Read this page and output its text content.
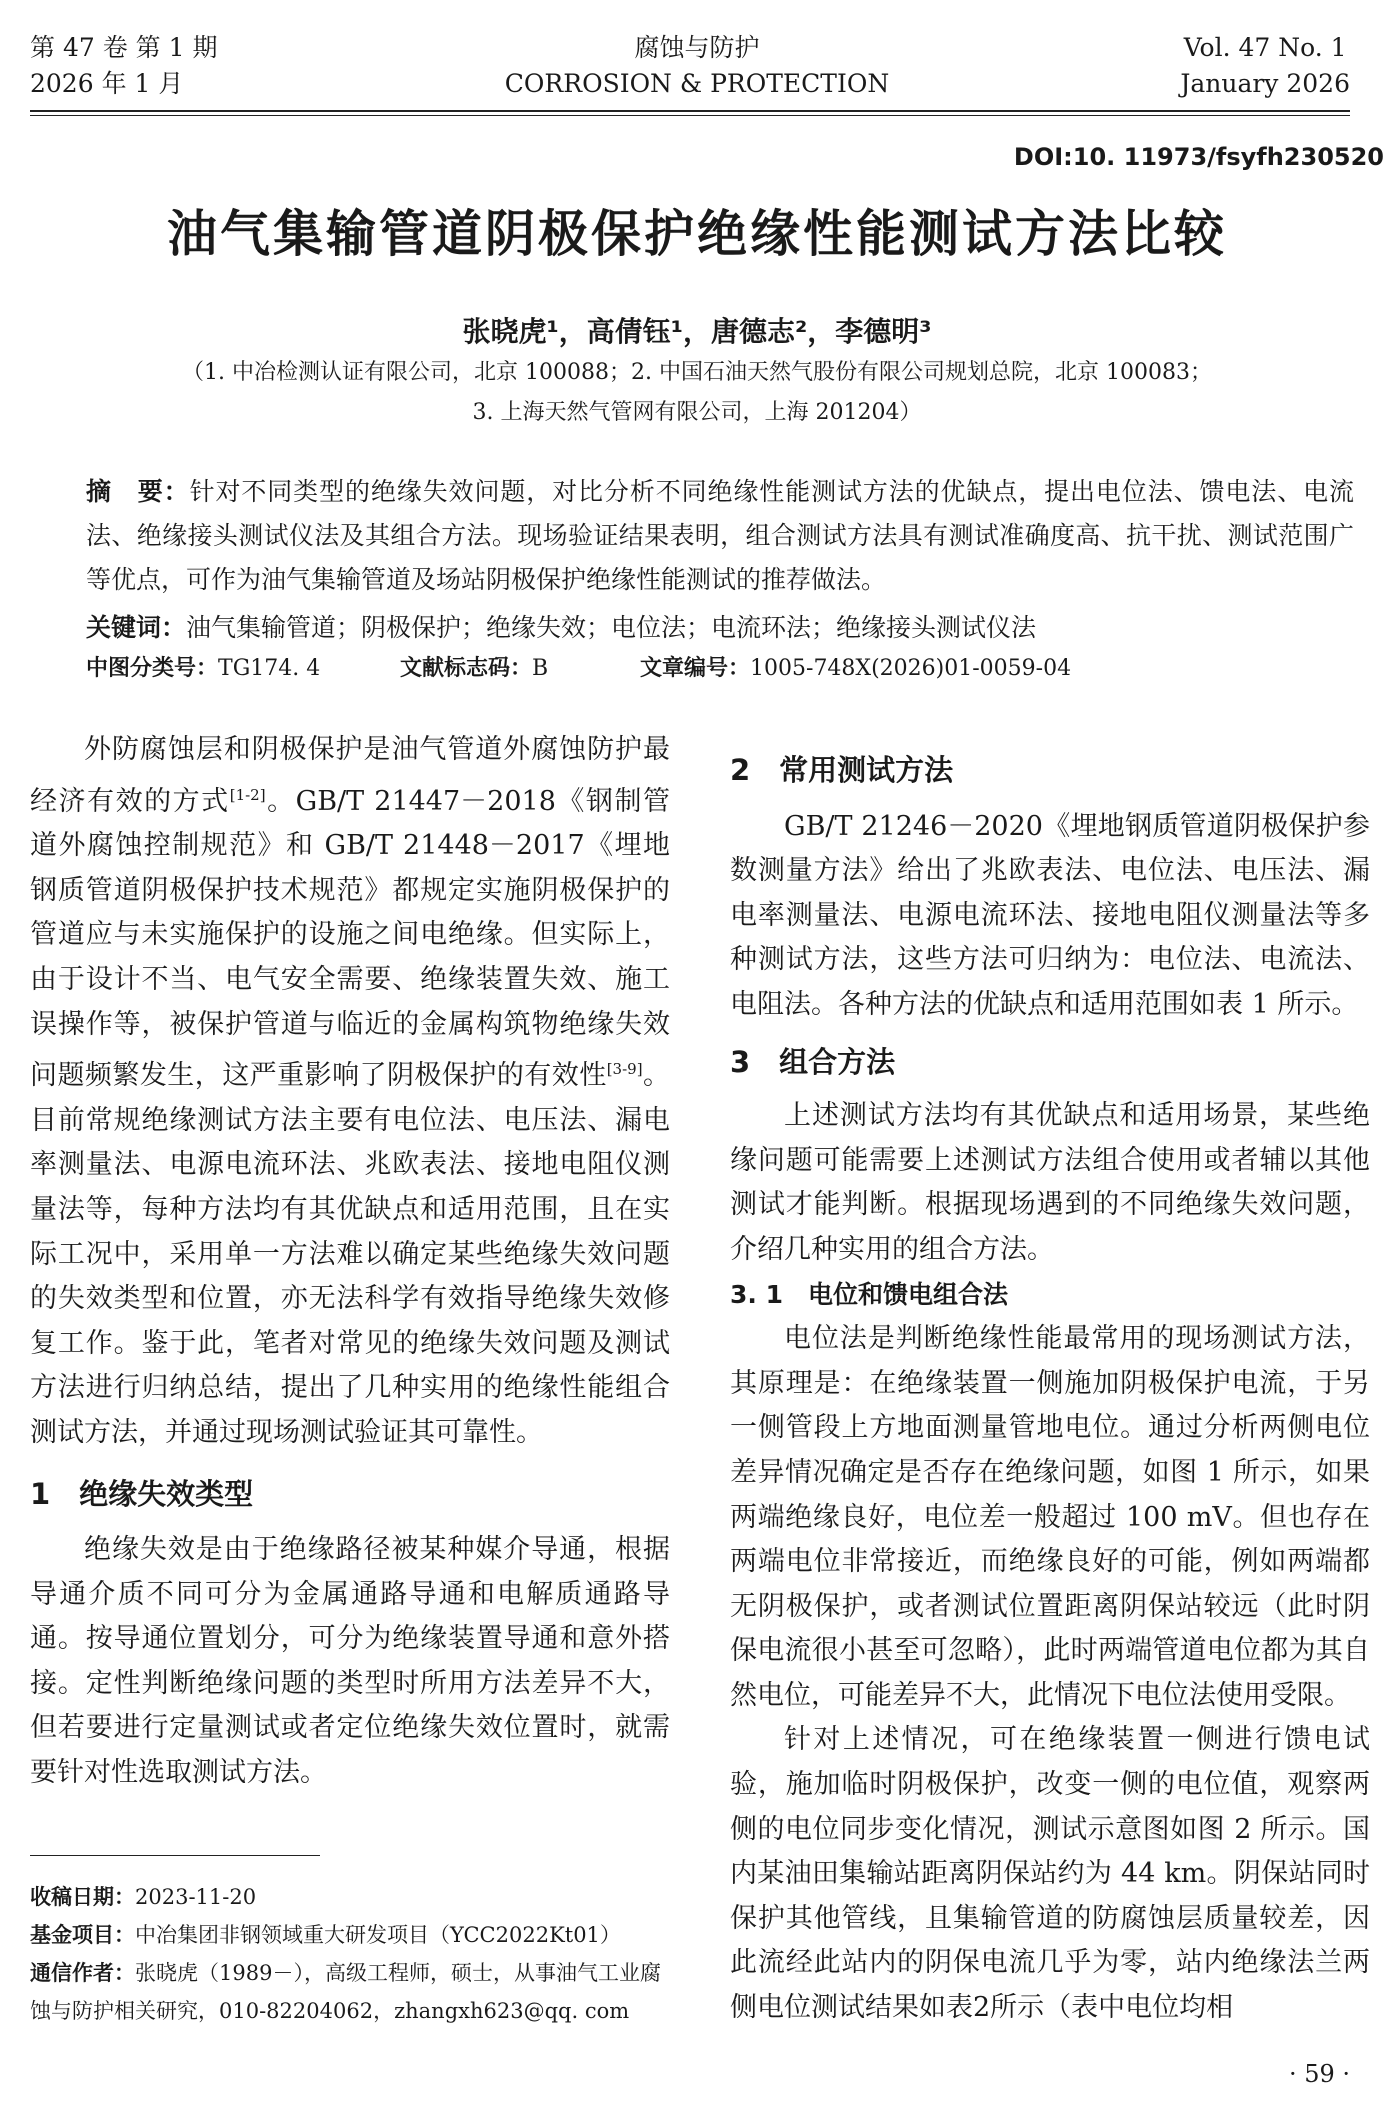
第 47 卷 第 1 期
2026 年 1 月
腐蚀与防护
CORROSION & PROTECTION
Vol. 47 No. 1
January 2026
DOI:10. 11973/fsyfh230520
油气集输管道阴极保护绝缘性能测试方法比较
张晓虎¹，高倩钰¹，唐德志²，李德明³
（1. 中冶检测认证有限公司，北京 100088；2. 中国石油天然气股份有限公司规划总院，北京 100083；
3. 上海天然气管网有限公司，上海 201204）
摘　要：针对不同类型的绝缘失效问题，对比分析不同绝缘性能测试方法的优缺点，提出电位法、馈电法、电流法、绝缘接头测试仪法及其组合方法。现场验证结果表明，组合测试方法具有测试准确度高、抗干扰、测试范围广等优点，可作为油气集输管道及场站阴极保护绝缘性能测试的推荐做法。
关键词：油气集输管道；阴极保护；绝缘失效；电位法；电流环法；绝缘接头测试仪法
中图分类号：TG174. 4	文献标志码：B	文章编号：1005-748X(2026)01-0059-04

外防腐蚀层和阴极保护是油气管道外腐蚀防护最经济有效的方式[1-2]。GB/T 21447－2018《钢制管道外腐蚀控制规范》和 GB/T 21448－2017《埋地钢质管道阴极保护技术规范》都规定实施阴极保护的管道应与未实施保护的设施之间电绝缘。但实际上，由于设计不当、电气安全需要、绝缘装置失效、施工误操作等，被保护管道与临近的金属构筑物绝缘失效问题频繁发生，这严重影响了阴极保护的有效性[3-9]。目前常规绝缘测试方法主要有电位法、电压法、漏电率测量法、电源电流环法、兆欧表法、接地电阻仪测量法等，每种方法均有其优缺点和适用范围，且在实际工况中，采用单一方法难以确定某些绝缘失效问题的失效类型和位置，亦无法科学有效指导绝缘失效修复工作。鉴于此，笔者对常见的绝缘失效问题及测试方法进行归纳总结，提出了几种实用的绝缘性能组合测试方法，并通过现场测试验证其可靠性。

1　绝缘失效类型

绝缘失效是由于绝缘路径被某种媒介导通，根据导通介质不同可分为金属通路导通和电解质通路导通。按导通位置划分，可分为绝缘装置导通和意外搭接。定性判断绝缘问题的类型时所用方法差异不大，但若要进行定量测试或者定位绝缘失效位置时，就需要针对性选取测试方法。

收稿日期：2023-11-20
基金项目：中冶集团非钢领域重大研发项目（YCC2022Kt01）
通信作者：张晓虎（1989－），高级工程师，硕士，从事油气工业腐蚀与防护相关研究，010-82204062，zhangxh623@qq. com
2　常用测试方法

GB/T 21246－2020《埋地钢质管道阴极保护参数测量方法》给出了兆欧表法、电位法、电压法、漏电率测量法、电源电流环法、接地电阻仪测量法等多种测试方法，这些方法可归纳为：电位法、电流法、电阻法。各种方法的优缺点和适用范围如表 1 所示。

3　组合方法

上述测试方法均有其优缺点和适用场景，某些绝缘问题可能需要上述测试方法组合使用或者辅以其他测试才能判断。根据现场遇到的不同绝缘失效问题，介绍几种实用的组合方法。

3. 1　电位和馈电组合法

电位法是判断绝缘性能最常用的现场测试方法，其原理是：在绝缘装置一侧施加阴极保护电流，于另一侧管段上方地面测量管地电位。通过分析两侧电位差异情况确定是否存在绝缘问题，如图 1 所示，如果两端绝缘良好，电位差一般超过 100 mV。但也存在两端电位非常接近，而绝缘良好的可能，例如两端都无阴极保护，或者测试位置距离阴保站较远（此时阴保电流很小甚至可忽略），此时两端管道电位都为其自然电位，可能差异不大，此情况下电位法使用受限。

针对上述情况，可在绝缘装置一侧进行馈电试验，施加临时阴极保护，改变一侧的电位值，观察两侧的电位同步变化情况，测试示意图如图 2 所示。国内某油田集输站距离阴保站约为 44 km。阴保站同时保护其他管线，且集输管道的防腐蚀层质量较差，因此流经此站内的阴保电流几乎为零，站内绝缘法兰两侧电位测试结果如表2所示（表中电位均相

· 59 ·
